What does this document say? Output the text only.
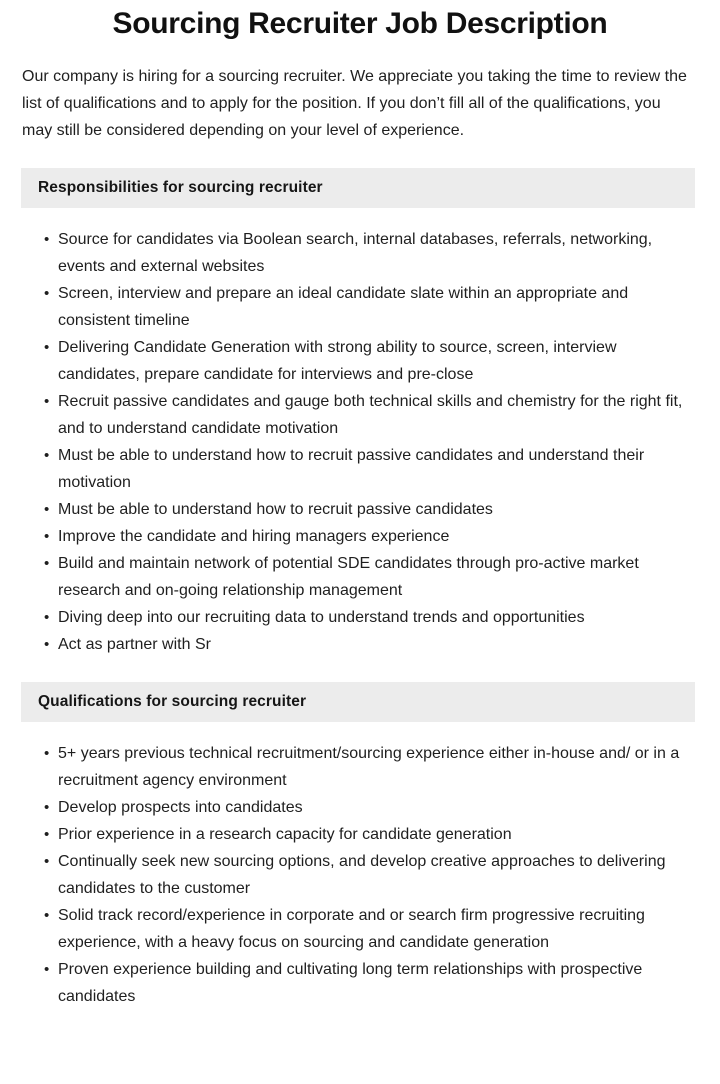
Sourcing Recruiter Job Description

Our company is hiring for a sourcing recruiter. We appreciate you taking the time to review the list of qualifications and to apply for the position. If you don’t fill all of the qualifications, you may still be considered depending on your level of experience.

Responsibilities for sourcing recruiter
• Source for candidates via Boolean search, internal databases, referrals, networking, events and external websites
• Screen, interview and prepare an ideal candidate slate within an appropriate and consistent timeline
• Delivering Candidate Generation with strong ability to source, screen, interview candidates, prepare candidate for interviews and pre-close
• Recruit passive candidates and gauge both technical skills and chemistry for the right fit, and to understand candidate motivation
• Must be able to understand how to recruit passive candidates and understand their motivation
• Must be able to understand how to recruit passive candidates
• Improve the candidate and hiring managers experience
• Build and maintain network of potential SDE candidates through pro-active market research and on-going relationship management
• Diving deep into our recruiting data to understand trends and opportunities
• Act as partner with Sr
Qualifications for sourcing recruiter
• 5+ years previous technical recruitment/sourcing experience either in-house and/ or in a recruitment agency environment
• Develop prospects into candidates
• Prior experience in a research capacity for candidate generation
• Continually seek new sourcing options, and develop creative approaches to delivering candidates to the customer
• Solid track record/experience in corporate and or search firm progressive recruiting experience, with a heavy focus on sourcing and candidate generation
• Proven experience building and cultivating long term relationships with prospective candidates
